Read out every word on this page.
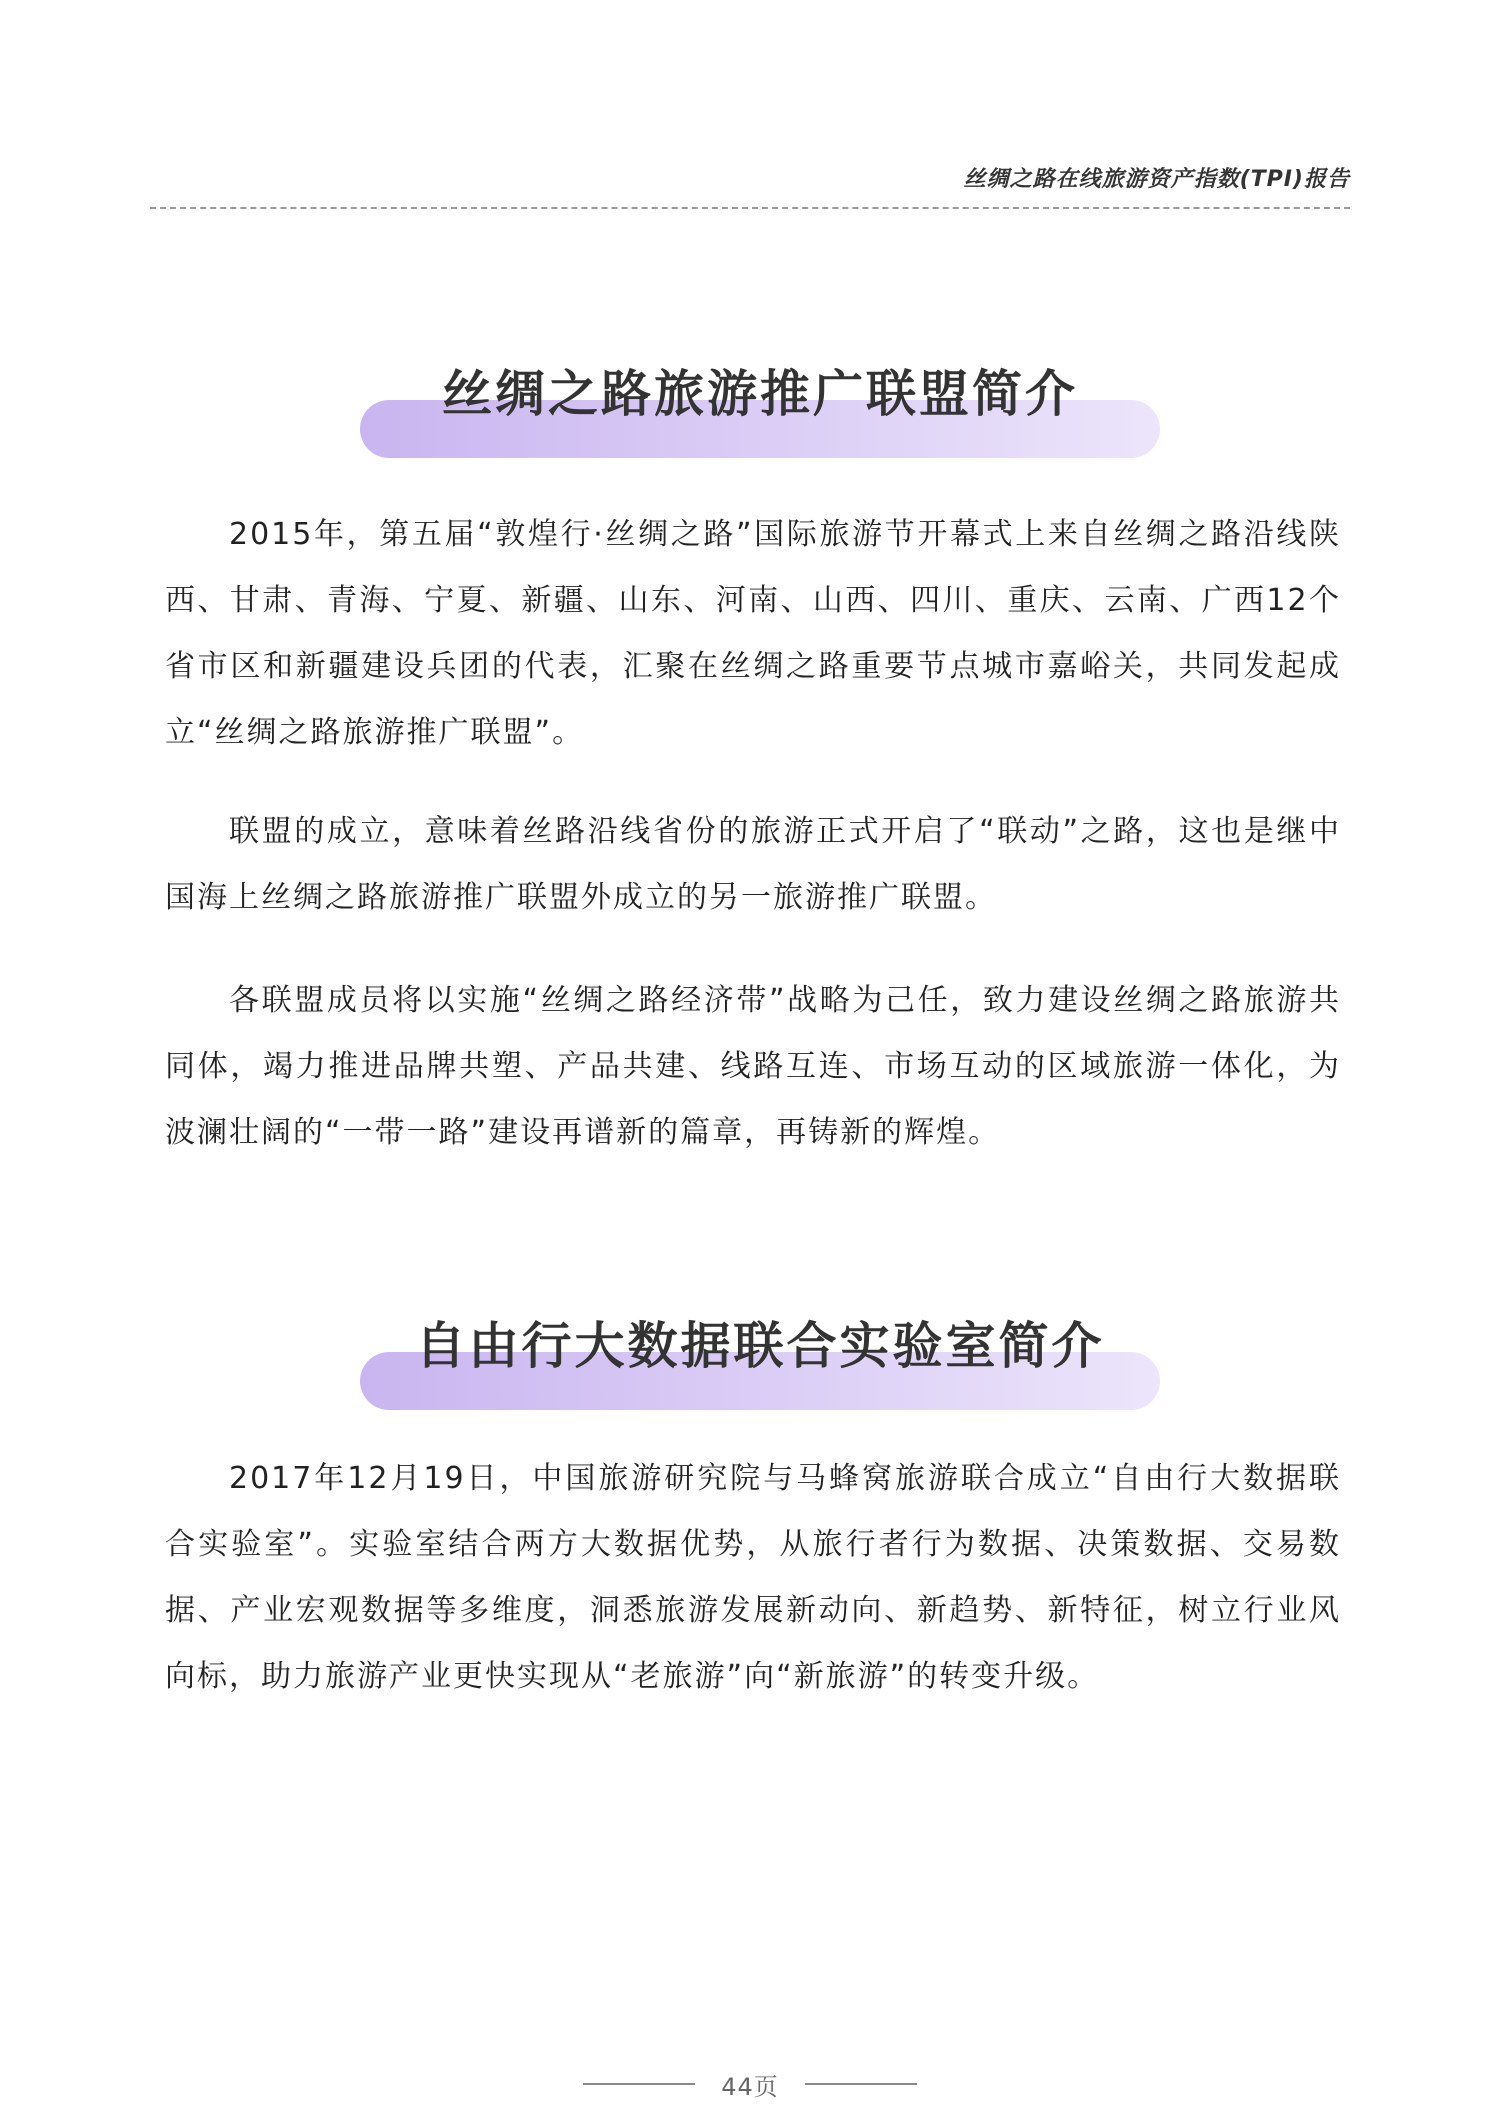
丝绸之路在线旅游资产指数(TPI)报告
丝绸之路旅游推广联盟简介

2015年，第五届“敦煌行·丝绸之路”国际旅游节开幕式上来自丝绸之路沿线陕西、甘肃、青海、宁夏、新疆、山东、河南、山西、四川、重庆、云南、广西12个省市区和新疆建设兵团的代表，汇聚在丝绸之路重要节点城市嘉峪关，共同发起成立“丝绸之路旅游推广联盟”。

联盟的成立，意味着丝路沿线省份的旅游正式开启了“联动”之路，这也是继中国海上丝绸之路旅游推广联盟外成立的另一旅游推广联盟。

各联盟成员将以实施“丝绸之路经济带”战略为己任，致力建设丝绸之路旅游共同体，竭力推进品牌共塑、产品共建、线路互连、市场互动的区域旅游一体化，为波澜壮阔的“一带一路”建设再谱新的篇章，再铸新的辉煌。

自由行大数据联合实验室简介

2017年12月19日，中国旅游研究院与马蜂窝旅游联合成立“自由行大数据联合实验室”。实验室结合两方大数据优势，从旅行者行为数据、决策数据、交易数据、产业宏观数据等多维度，洞悉旅游发展新动向、新趋势、新特征，树立行业风向标，助力旅游产业更快实现从“老旅游”向“新旅游”的转变升级。

44页
